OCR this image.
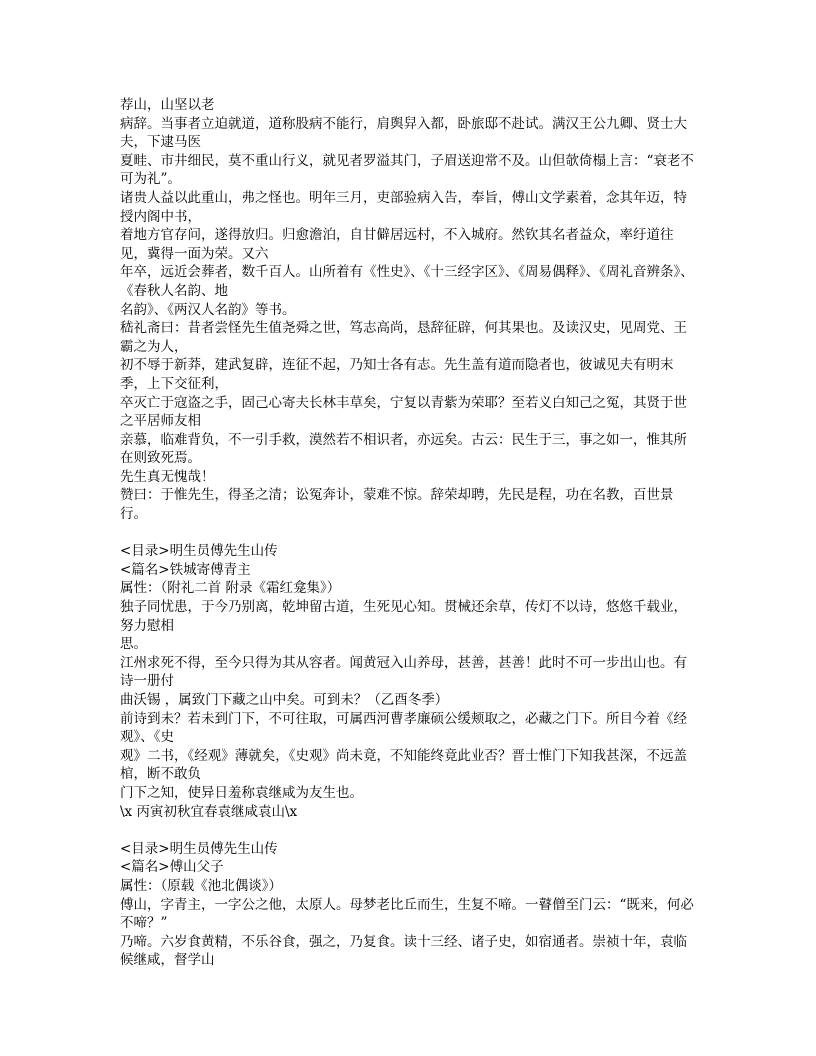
荐山，山坚以老
病辞。当事者立迫就道，道称股病不能行，肩舆舁入都，卧旅邸不赴试。满汉王公九卿、贤士大夫，下逮马医
夏畦、市井细民，莫不重山行义，就见者罗溢其门，子眉送迎常不及。山但欹倚榻上言：“衰老不可为礼”。
诸贵人益以此重山，弗之怪也。明年三月，吏部验病入告，奉旨，傅山文学素着，念其年迈，特授内阁中书，
着地方官存问，遂得放归。归愈澹泊，自甘僻居远村，不入城府。然钦其名者益众，率纡道往见，冀得一面为荣。又六
年卒，远近会葬者，数千百人。山所着有《性史》、《十三经字区》、《周易偶释》、《周礼音辨条》、《春秋人名韵、地
名韵》、《两汉人名韵》等书。
嵇礼斋曰：昔者尝怪先生值尧舜之世，笃志高尚，恳辞征辟，何其果也。及读汉史，见周党、王霸之为人，
初不辱于新莽，建武复辟，连征不起，乃知士各有志。先生盖有道而隐者也，彼诚见夫有明末季，上下交征利，
卒灭亡于寇盗之手，固己心寄夫长林丰草矣，宁复以青紫为荣耶？至若义白知己之冤，其贤于世之平居师友相
亲慕，临难背负，不一引手救，漠然若不相识者，亦远矣。古云：民生于三，事之如一，惟其所在则致死焉。
先生真无愧哉！
赞曰：于惟先生，得圣之清；讼冤奔讣，蒙难不惊。辞荣却聘，先民是程，功在名教，百世景行。
<目录>明生员傅先生山传
<篇名>铁城寄傅青主
属性：（附礼二首 附录《霜红龛集》）
独子同忧患，于今乃别离，乾坤留古道，生死见心知。贯械还余草，传灯不以诗，悠悠千载业，努力慰相
思。
江州求死不得，至今只得为其从容者。闻黄冠入山养母，甚善，甚善！此时不可一步出山也。有诗一册付
曲沃锡 ，属致门下藏之山中矣。可到未？（乙酉冬季）
前诗到未？若未到门下，不可往取，可属西河曹孝廉硕公缓颊取之，必藏之门下。所目今着《经观》、《史
观》二书，《经观》薄就矣，《史观》尚未竟，不知能终竟此业否？晋士惟门下知我甚深，不远盖棺，断不敢负
门下之知，使异日羞称袁继咸为友生也。
\x 丙寅初秋宜春袁继咸袁山\x
<目录>明生员傅先生山传
<篇名>傅山父子
属性：（原载《池北偶谈》）
傅山，字青主，一字公之他，太原人。母梦老比丘而生，生复不啼。一瞽僧至门云：“既来，何必不啼？”
乃啼。六岁食黄精，不乐谷食，强之，乃复食。读十三经、诸子史，如宿通者。崇祯十年，袁临候继咸，督学山
